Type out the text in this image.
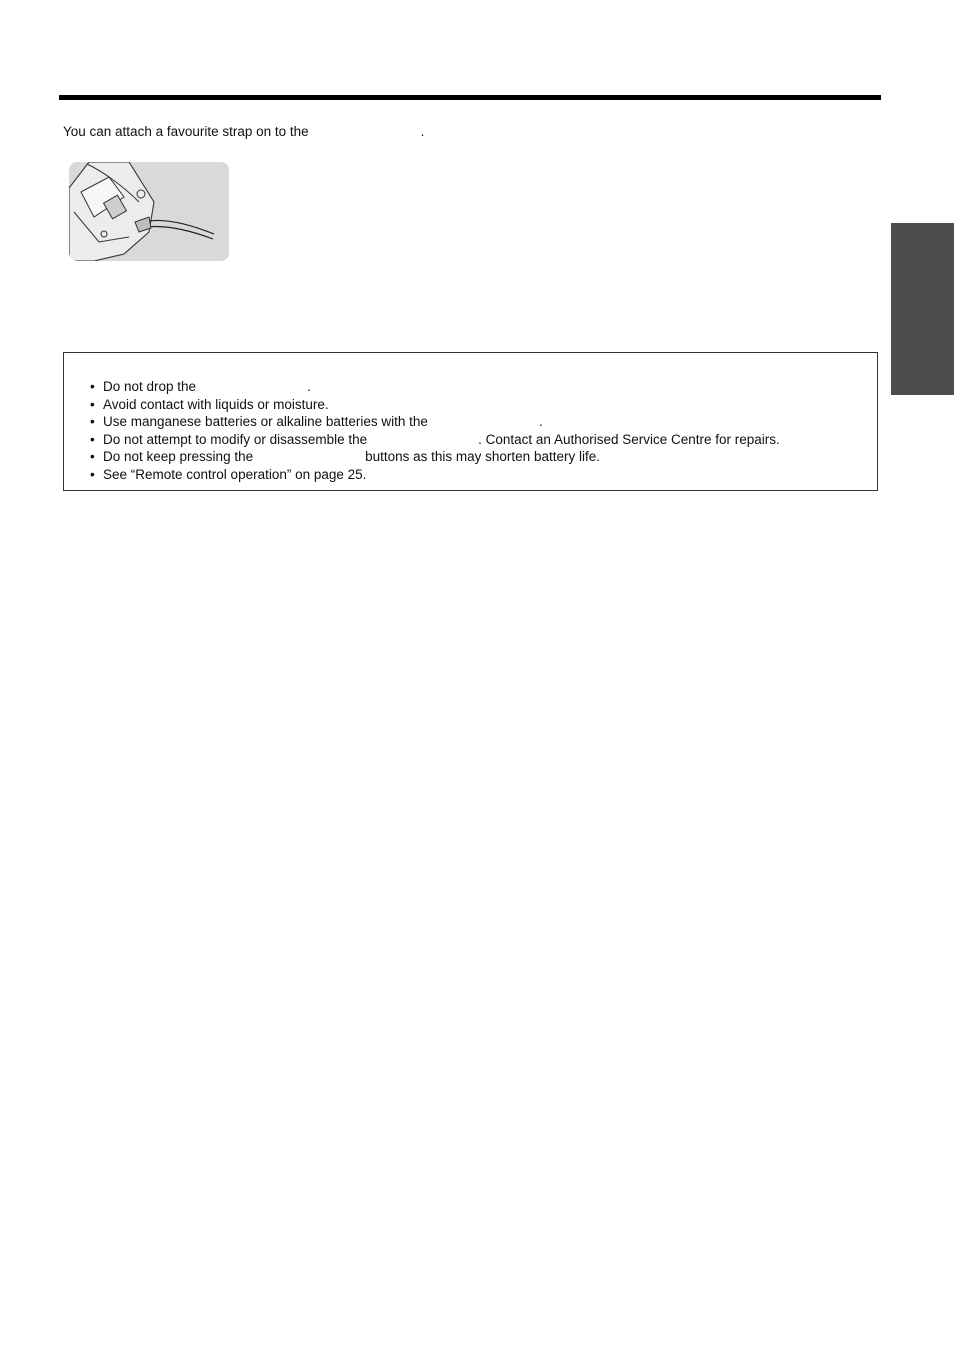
You can attach a favourite strap on to the	.

• Do not drop the	.
• Avoid contact with liquids or moisture.
• Use manganese batteries or alkaline batteries with the	.
• Do not attempt to modify or disassemble the	. Contact an Authorised Service Centre for repairs.
• Do not keep pressing the	buttons as this may shorten battery life.
• See “Remote control operation” on page 25.
